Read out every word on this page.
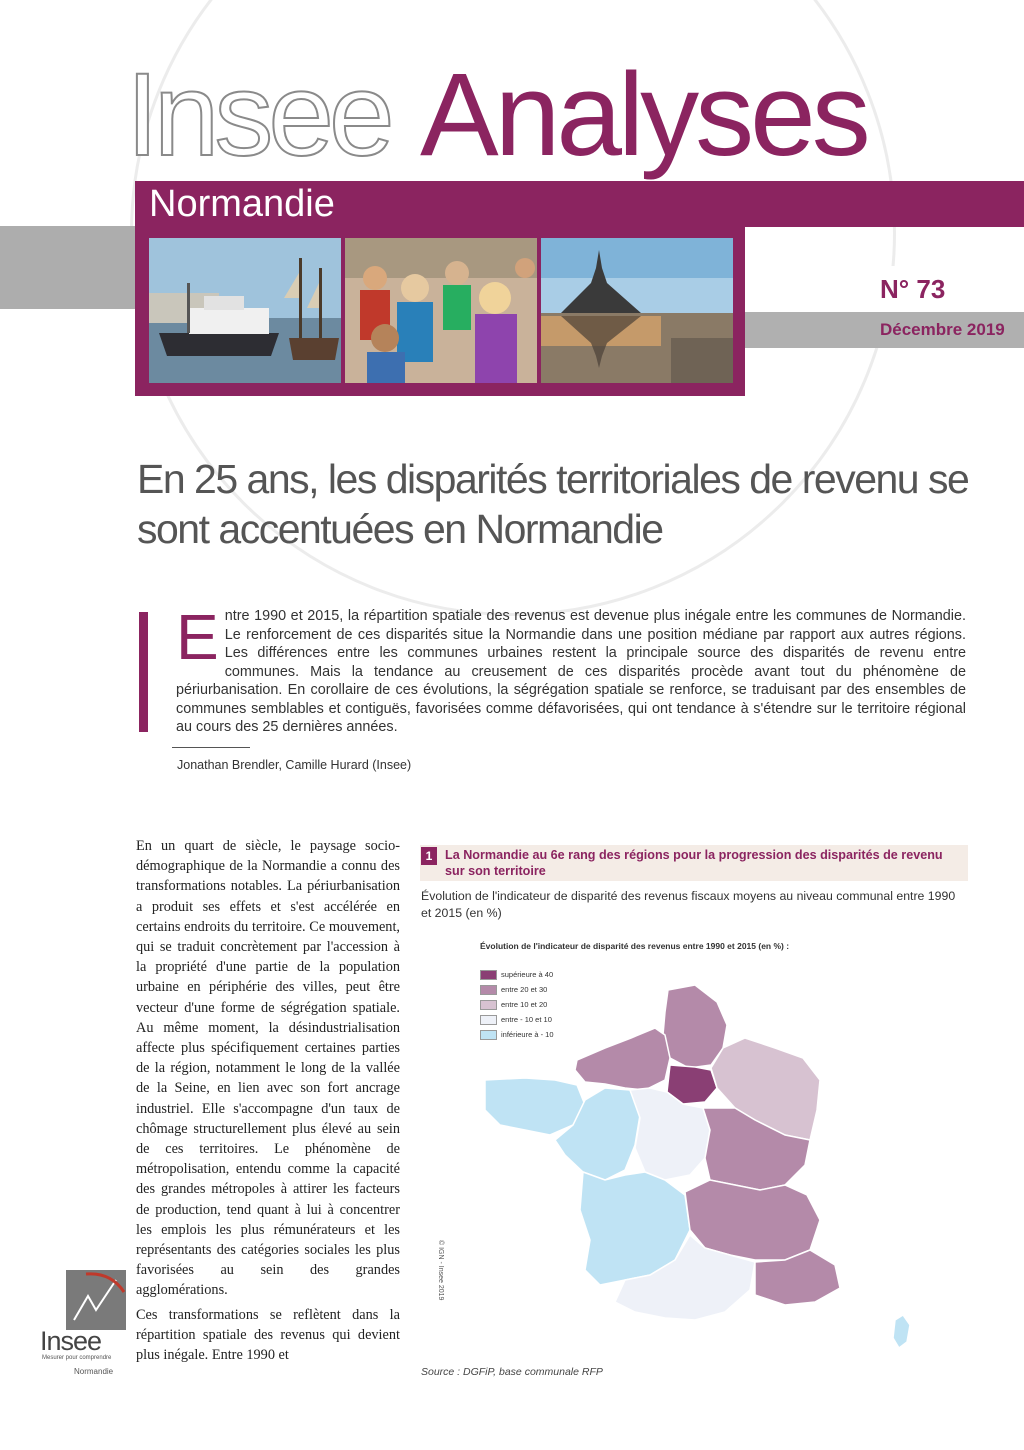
Insee Analyses
Normandie
N° 73
Décembre 2019
En 25 ans, les disparités territoriales de revenu se sont accentuées en Normandie
Entre 1990 et 2015, la répartition spatiale des revenus est devenue plus inégale entre les communes de Normandie. Le renforcement de ces disparités situe la Normandie dans une position médiane par rapport aux autres régions. Les différences entre les communes urbaines restent la principale source des disparités de revenu entre communes. Mais la tendance au creusement de ces disparités procède avant tout du phénomène de périurbanisation. En corollaire de ces évolutions, la ségrégation spatiale se renforce, se traduisant par des ensembles de communes semblables et contiguës, favorisées comme défavorisées, qui ont tendance à s'étendre sur le territoire régional au cours des 25 dernières années.
Jonathan Brendler, Camille Hurard (Insee)

En un quart de siècle, le paysage socio-démographique de la Normandie a connu des transformations notables. La périurbanisation a produit ses effets et s'est accélérée en certains endroits du territoire. Ce mouvement, qui se traduit concrètement par l'accession à la propriété d'une partie de la population urbaine en périphérie des villes, peut être vecteur d'une forme de ségrégation spatiale. Au même moment, la désindustrialisation affecte plus spécifiquement certaines parties de la région, notamment le long de la vallée de la Seine, en lien avec son fort ancrage industriel. Elle s'accompagne d'un taux de chômage structurellement plus élevé au sein de ces territoires. Le phénomène de métropolisation, entendu comme la capacité des grandes métropoles à attirer les facteurs de production, tend quant à lui à concentrer les emplois les plus rémunérateurs et les représentants des catégories sociales les plus favorisées au sein des grandes agglomérations.

Ces transformations se reflètent dans la répartition spatiale des revenus qui devient plus inégale. Entre 1990 et

Insee
Mesurer pour comprendre
Normandie
1	La Normandie au 6e rang des régions pour la progression des disparités de revenu sur son territoire
Évolution de l'indicateur de disparité des revenus fiscaux moyens au niveau communal entre 1990 et 2015 (en %)
Évolution de l'indicateur de disparité des revenus entre 1990 et 2015 (en %) :
supérieure à 40
entre 20 et 30
entre 10 et 20
entre - 10 et 10
inférieure à - 10
© IGN - Insee 2019
Source : DGFiP, base communale RFP
